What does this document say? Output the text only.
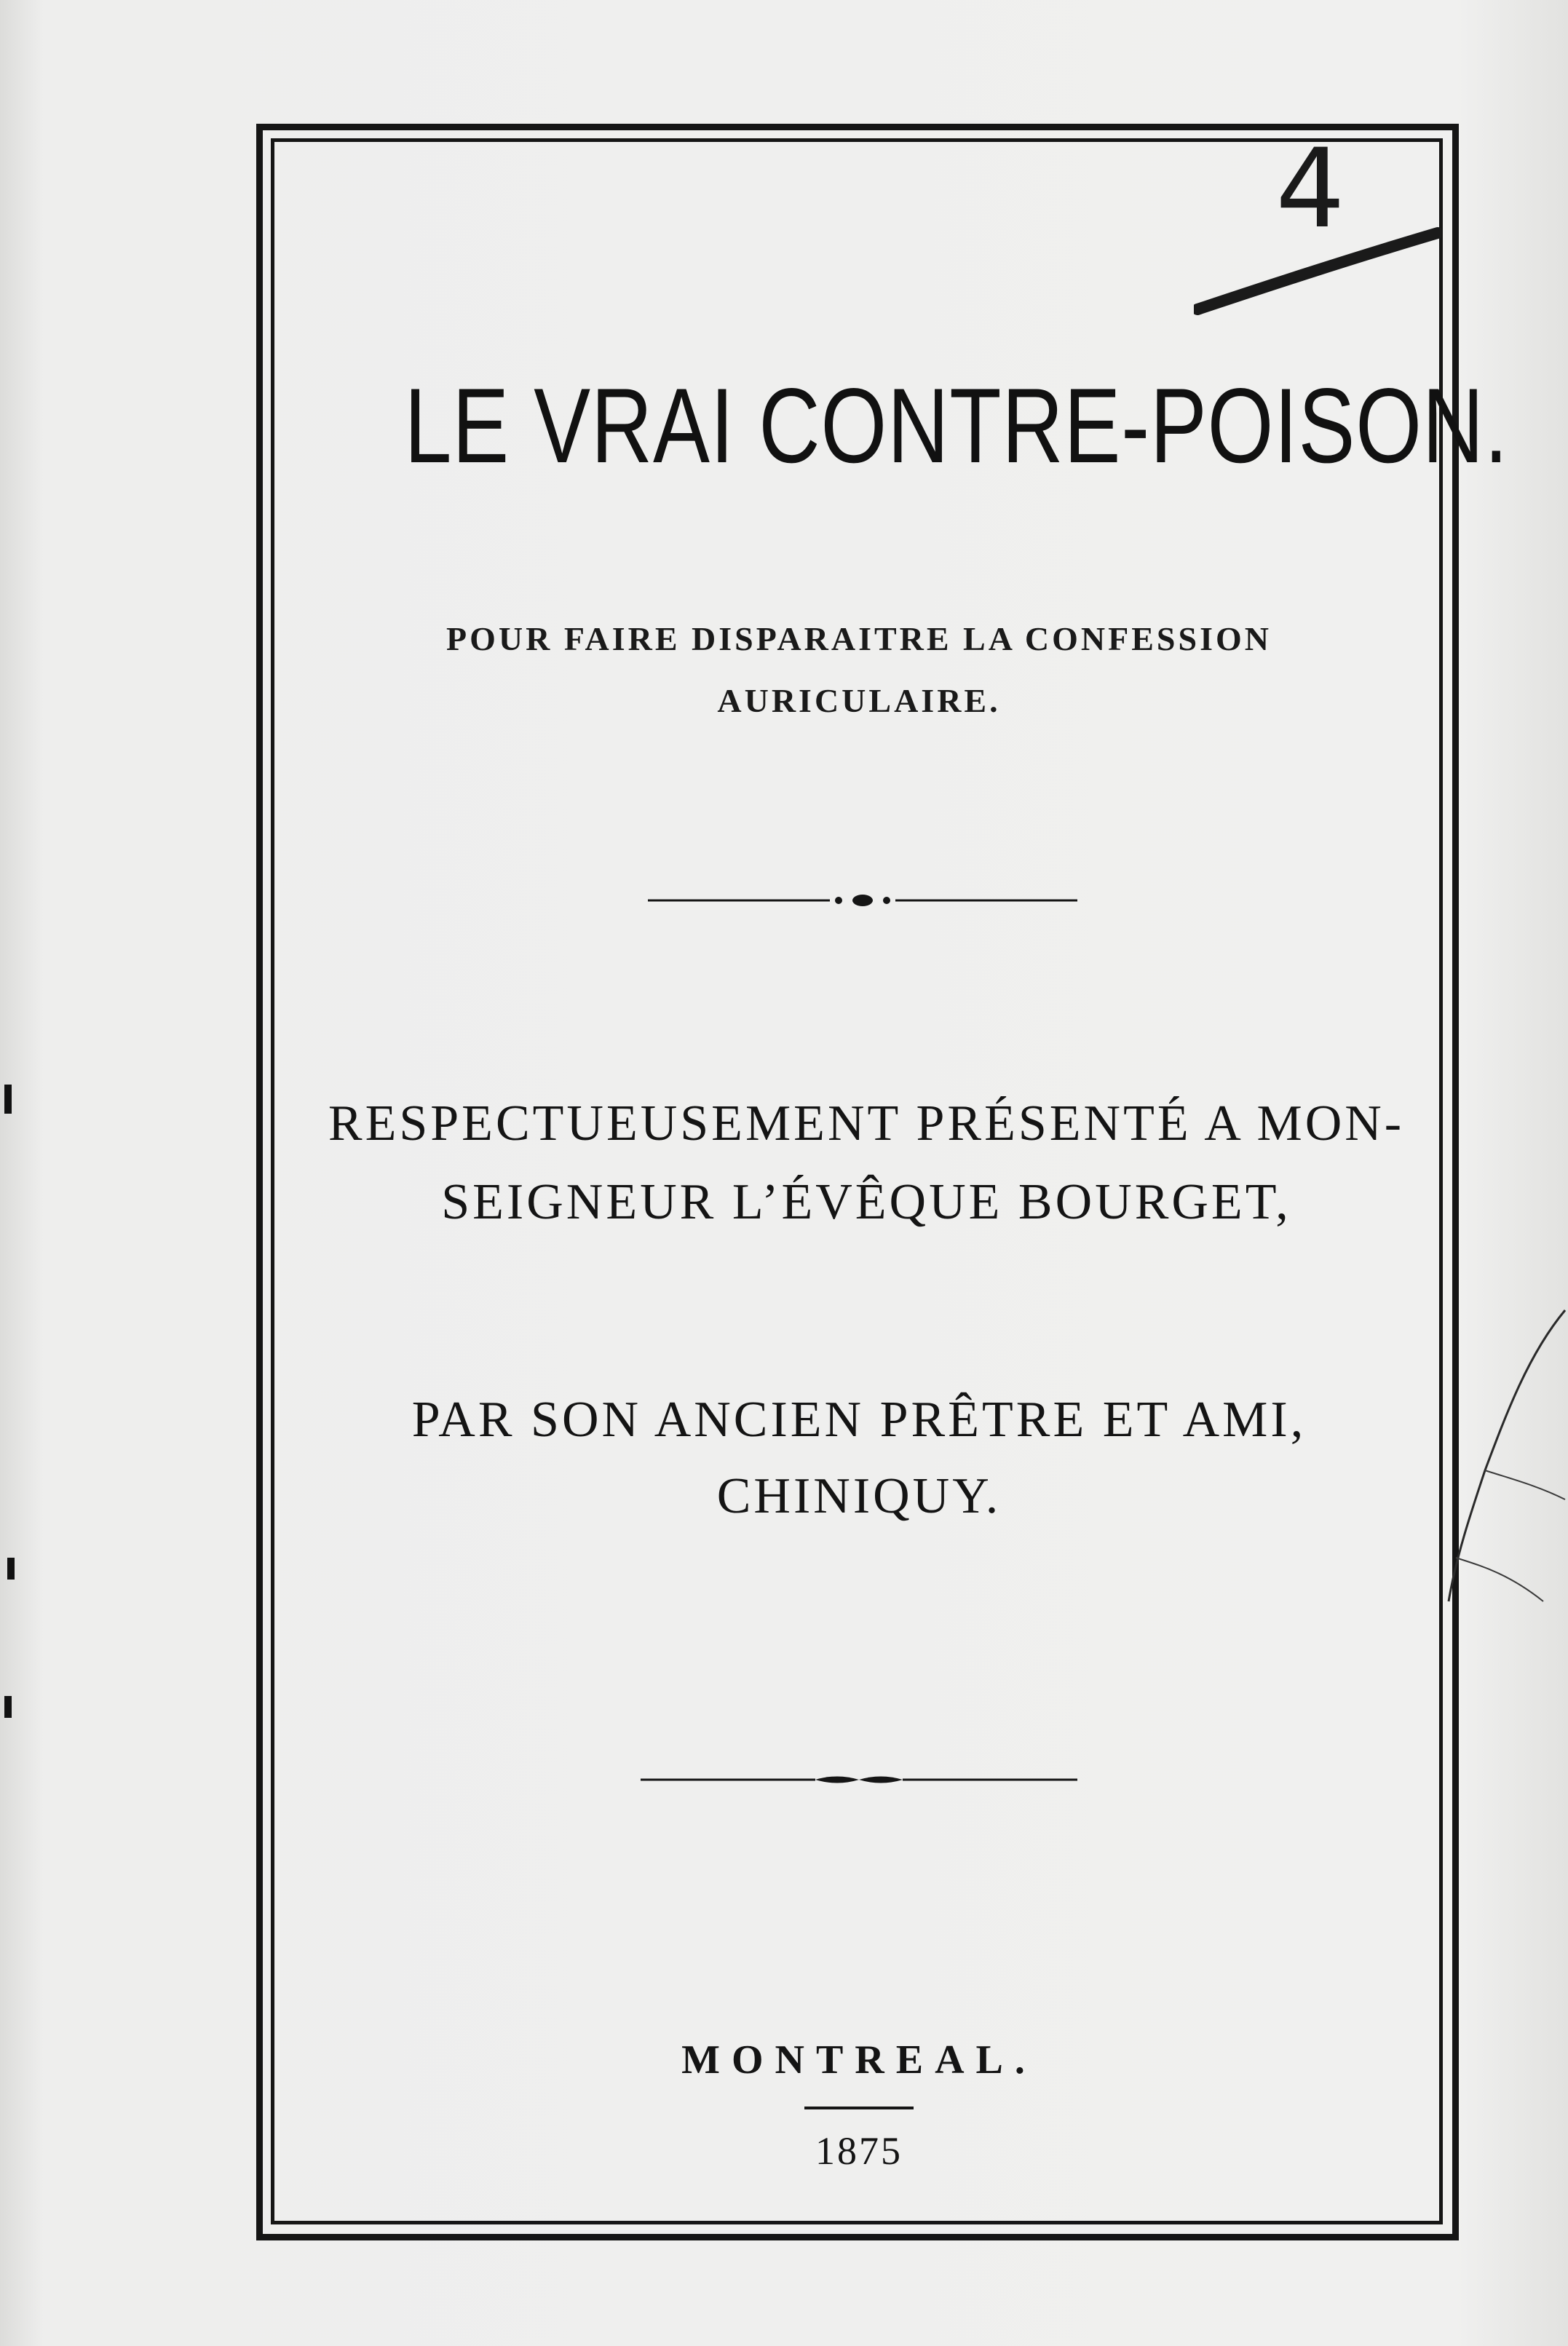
4
LE VRAI CONTRE-POISON.
POUR FAIRE DISPARAITRE LA CONFESSION
AURICULAIRE.
RESPECTUEUSEMENT PRÉSENTÉ A MON-
SEIGNEUR L’ÉVÊQUE BOURGET,
PAR SON ANCIEN PRÊTRE ET AMI,
CHINIQUY.
MONTREAL.
1875
